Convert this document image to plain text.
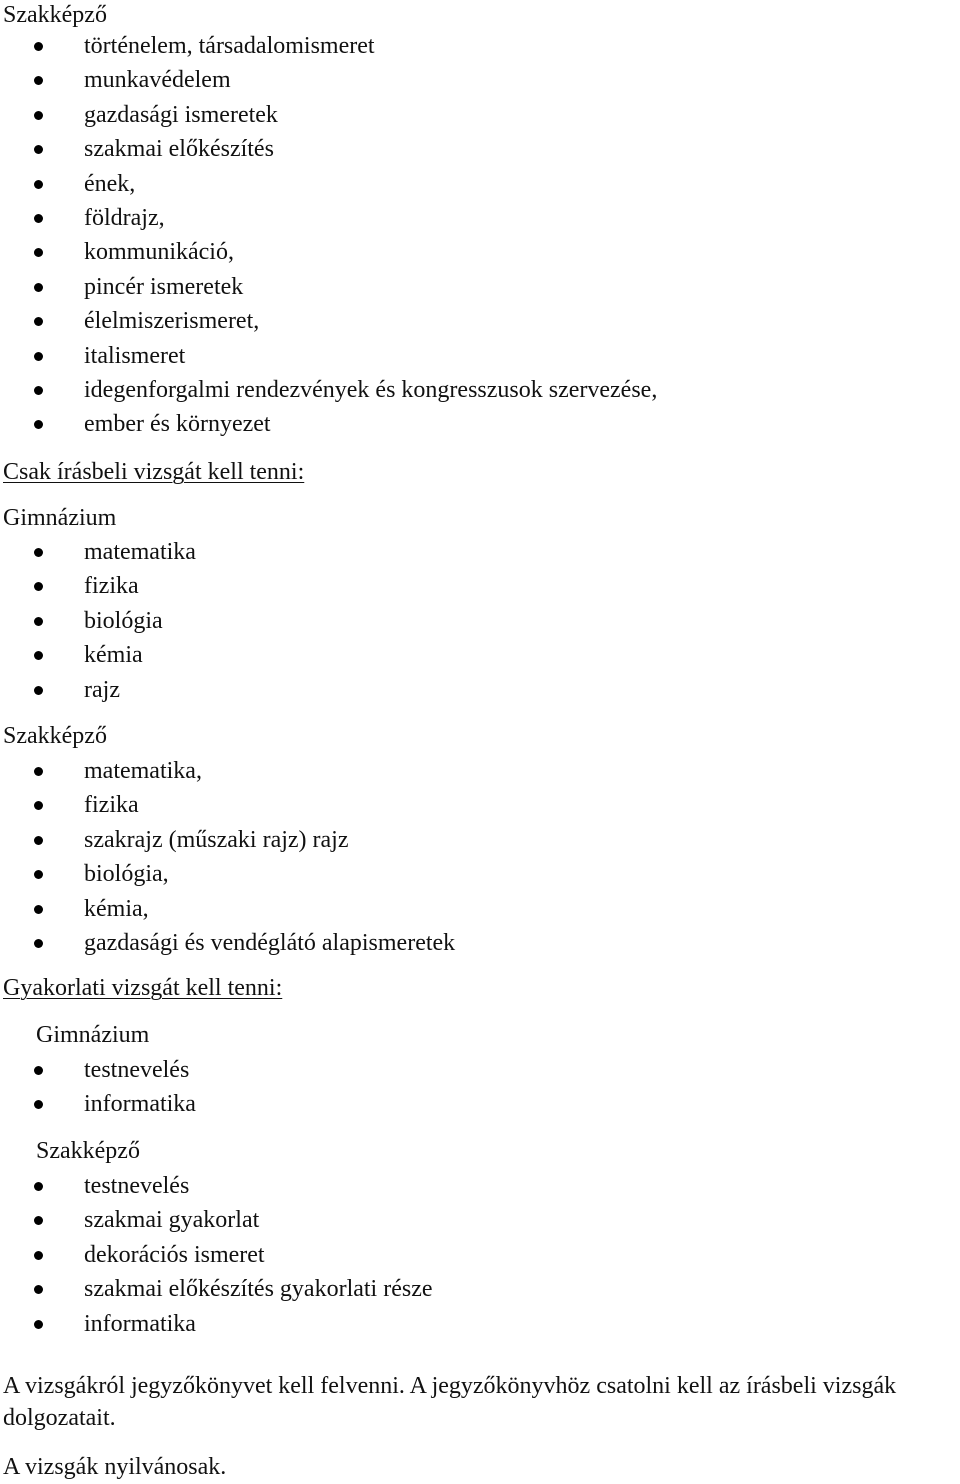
Szakképző
történelem, társadalomismeret
munkavédelem
gazdasági ismeretek
szakmai előkészítés
ének,
földrajz,
kommunikáció,
pincér ismeretek
élelmiszerismeret,
italismeret
idegenforgalmi rendezvények és kongresszusok szervezése,
ember és környezet
Csak írásbeli vizsgát kell tenni:
Gimnázium
matematika
fizika
biológia
kémia
rajz
Szakképző
matematika,
fizika
szakrajz (műszaki rajz) rajz
biológia,
kémia,
gazdasági és vendéglátó alapismeretek
Gyakorlati vizsgát kell tenni:
Gimnázium
testnevelés
informatika
Szakképző
testnevelés
szakmai gyakorlat
dekorációs ismeret
szakmai előkészítés gyakorlati része
informatika
A vizsgákról jegyzőkönyvet kell felvenni. A jegyzőkönyvhöz csatolni kell az írásbeli vizsgák dolgozatait.
A vizsgák nyilvánosak.
